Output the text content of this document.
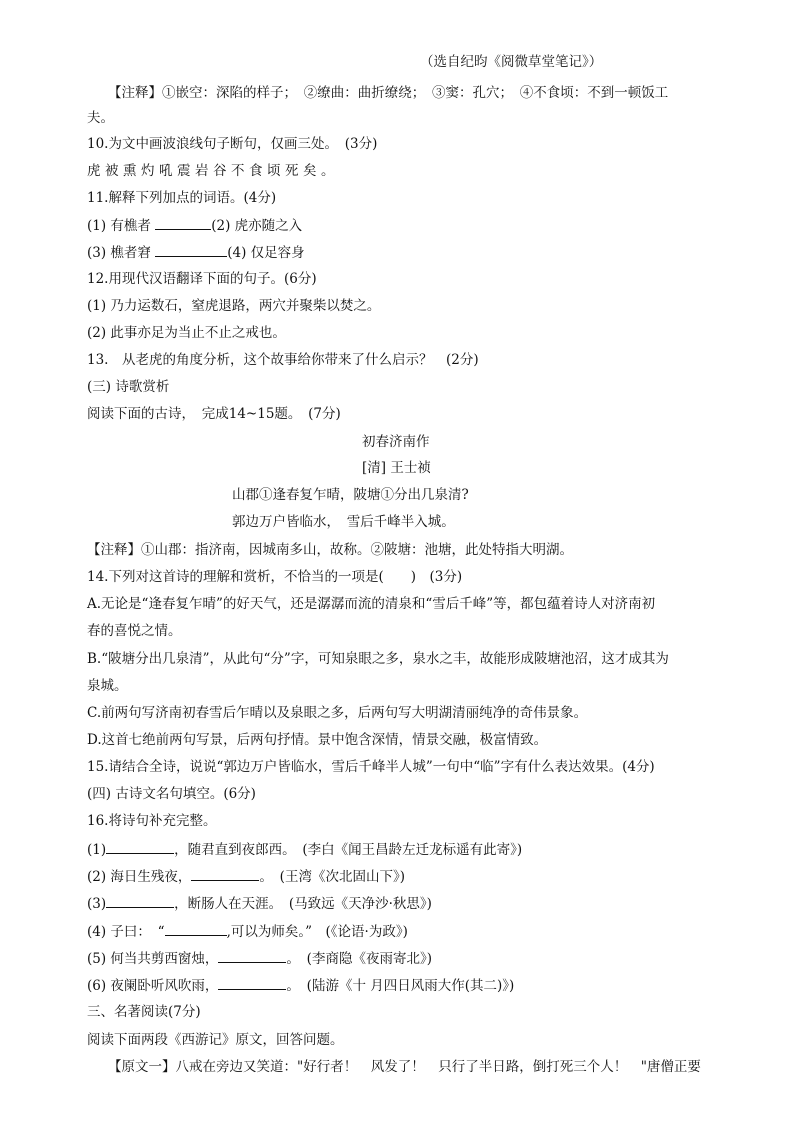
（选自纪昀《阅微草堂笔记》）
【注释】①嵌空：深陷的样子；　②缭曲：曲折缭绕；　③窦：孔穴；　④不食顷：不到一顿饭工
夫。
10.为文中画波浪线句子断句，仅画三处。　(3分)
虎被熏灼吼震岩谷不食顷死矣。
11.解释下列加点的词语。(4分)
(1) 有樵者	(2) 虎亦随之入
(3) 樵者窘	(4) 仅足容身
12.用现代汉语翻译下面的句子。(6分)
(1) 乃力运数石，窒虎退路，两穴并聚柴以焚之。
(2) 此事亦足为当止不止之戒也。
13.　从老虎的角度分析，这个故事给你带来了什么启示？　(2分)
(三) 诗歌赏析
阅读下面的古诗，　完成14~15题。　(7分)
初春济南作
[清] 王士祯
山郡①逢春复乍晴，陂塘①分出几泉清?
郭边万户皆临水，　雪后千峰半入城。
【注释】①山郡：指济南，因城南多山，故称。②陂塘：池塘，此处特指大明湖。
14.下列对这首诗的理解和赏析，不恰当的一项是(　　)　(3分)
A.无论是“逢春复乍晴”的好天气，还是潺潺而流的清泉和“雪后千峰”等，都包蕴着诗人对济南初
春的喜悦之情。
B.“陂塘分出几泉清”，从此句“分”字，可知泉眼之多，泉水之丰，故能形成陂塘池沼，这才成其为
泉城。
C.前两句写济南初春雪后乍晴以及泉眼之多，后两句写大明湖清丽纯净的奇伟景象。
D.这首七绝前两句写景，后两句抒情。景中饱含深情，情景交融，极富情致。
15.请结合全诗，说说“郭边万户皆临水，雪后千峰半人城”一句中“临”字有什么表达效果。(4分)
(四) 古诗文名句填空。(6分)
16.将诗句补充完整。
(1)	，随君直到夜郎西。　(李白《闻王昌龄左迁龙标遥有此寄》)
(2) 海日生残夜，	。　(王湾《次北固山下》)
(3)	，断肠人在天涯。　(马致远《天净沙·秋思》)
(4) 子曰：　“	,可以为师矣。”　(《论语·为政》)
(5) 何当共剪西窗烛，	。　(李商隐《夜雨寄北》)
(6) 夜阑卧听风吹雨，	。　(陆游《十 月四日风雨大作(其二)》)
三、名著阅读(7分)
阅读下面两段《西游记》原文，回答问题。
【原文一】八戒在旁边又笑道："好行者！　风发了！　只行了半日路，倒打死三个人！　"唐僧正要
